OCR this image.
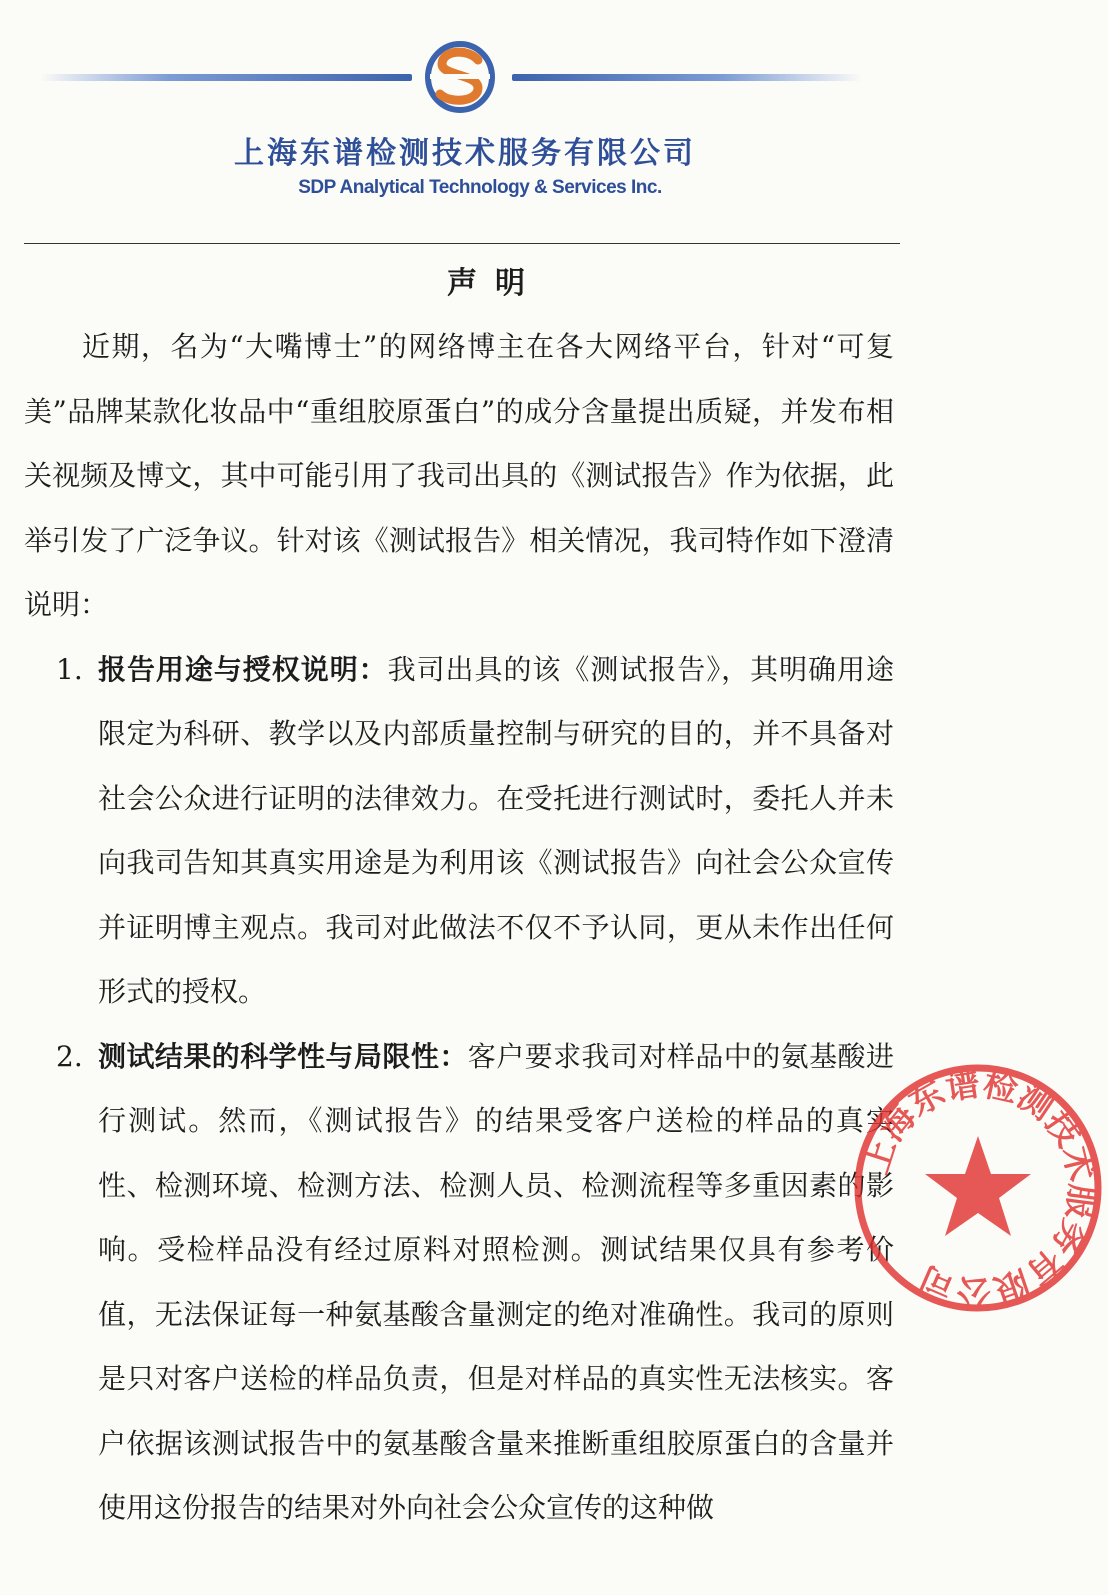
上海东谱检测技术服务有限公司
SDP Analytical Technology & Services Inc.
声明

近期，名为“大嘴博士”的网络博主在各大网络平台，针对“可复美”品牌某款化妆品中“重组胶原蛋白”的成分含量提出质疑，并发布相关视频及博文，其中可能引用了我司出具的《测试报告》作为依据，此举引发了广泛争议。针对该《测试报告》相关情况，我司特作如下澄清说明：

1. 报告用途与授权说明：我司出具的该《测试报告》，其明确用途限定为科研、教学以及内部质量控制与研究的目的，并不具备对社会公众进行证明的法律效力。在受托进行测试时，委托人并未向我司告知其真实用途是为利用该《测试报告》向社会公众宣传并证明博主观点。我司对此做法不仅不予认同，更从未作出任何形式的授权。

2. 测试结果的科学性与局限性：客户要求我司对样品中的氨基酸进行测试。然而，《测试报告》的结果受客户送检的样品的真实性、检测环境、检测方法、检测人员、检测流程等多重因素的影响。受检样品没有经过原料对照检测。测试结果仅具有参考价值，无法保证每一种氨基酸含量测定的绝对准确性。我司的原则是只对客户送检的样品负责，但是对样品的真实性无法核实。客户依据该测试报告中的氨基酸含量来推断重组胶原蛋白的含量并使用这份报告的结果对外向社会公众宣传的这种做

上海东谱检测技术服务有限公司
